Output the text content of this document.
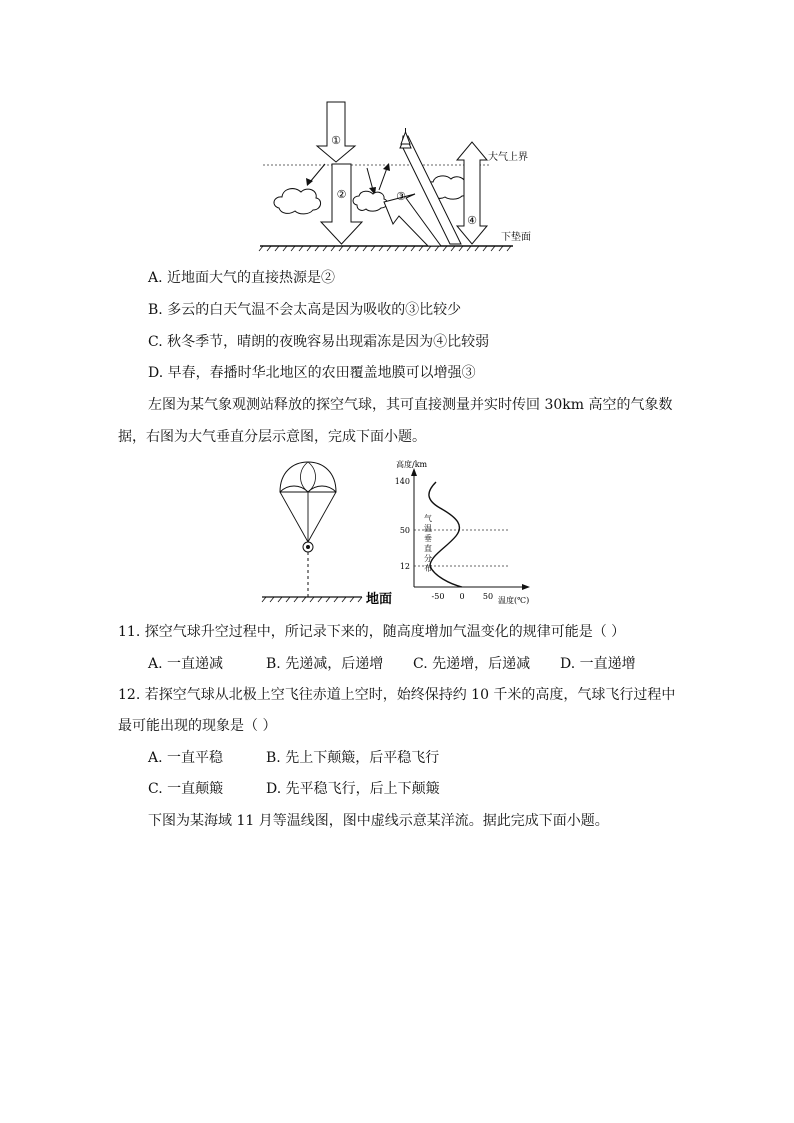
①
②	③
④
大气上界
下垫面
A. 近地面大气的直接热源是②
B. 多云的白天气温不会太高是因为吸收的③比较少
C. 秋冬季节，晴朗的夜晚容易出现霜冻是因为④比较弱
D. 早春，春播时华北地区的农田覆盖地膜可以增强③
左图为某气象观测站释放的探空气球，其可直接测量并实时传回 30km 高空的气象数
据，右图为大气垂直分层示意图，完成下面小题。
地面
高度/km
140
50
12
-50 0 50 温度(℃)
气温垂直分布
11. 探空气球升空过程中，所记录下来的，随高度增加气温变化的规律可能是（ ）
A. 一直递减	B. 先递减，后递增 C. 先递增，后递减 D. 一直递增
12. 若探空气球从北极上空飞往赤道上空时，始终保持约 10 千米的高度，气球飞行过程中
最可能出现的现象是（ ）
A. 一直平稳	B. 先上下颠簸，后平稳飞行
C. 一直颠簸	D. 先平稳飞行，后上下颠簸
下图为某海域 11 月等温线图，图中虚线示意某洋流。据此完成下面小题。
